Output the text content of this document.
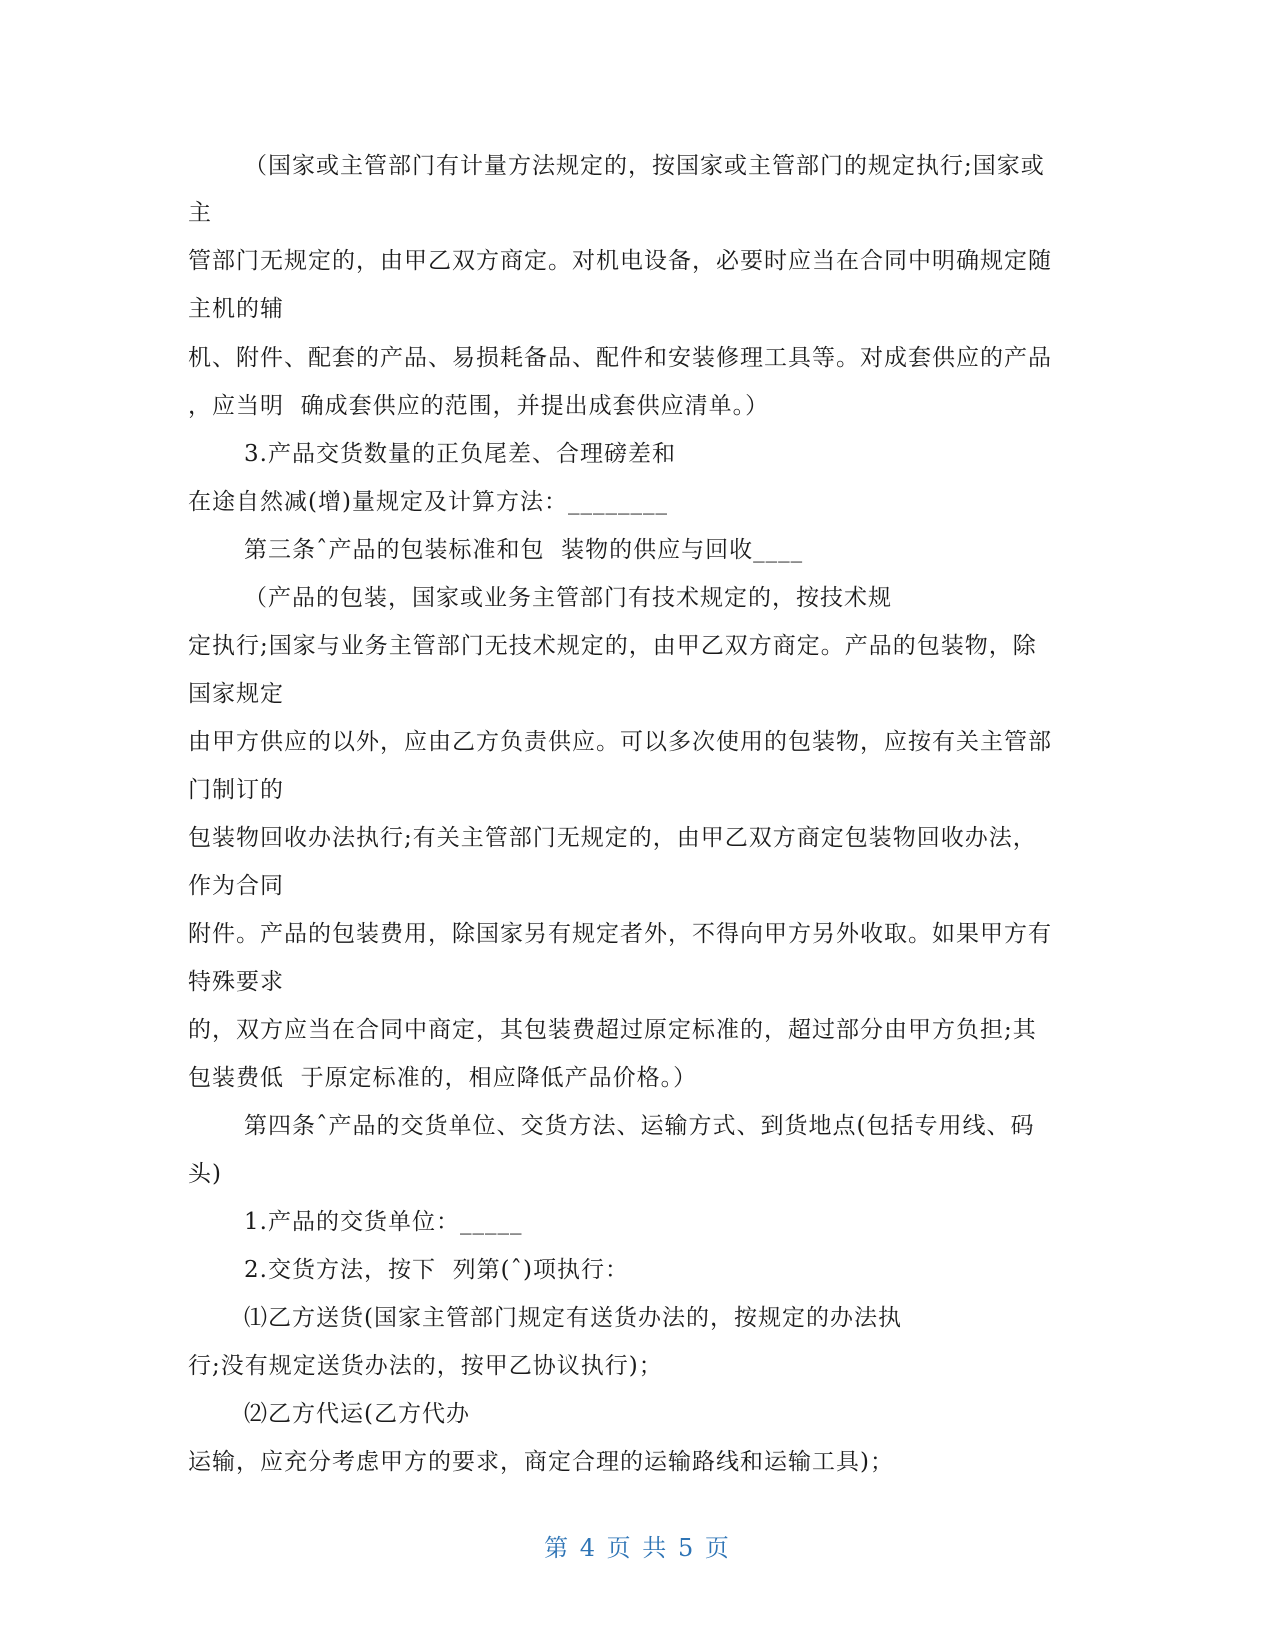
（国家或主管部门有计量方法规定的，按国家或主管部门的规定执行;国家或
主
管部门无规定的，由甲乙双方商定。对机电设备，必要时应当在合同中明确规定随
主机的辅
机、附件、配套的产品、易损耗备品、配件和安装修理工具等。对成套供应的产品
，应当明  确成套供应的范围，并提出成套供应清单。）
3.产品交货数量的正负尾差、合理磅差和
在途自然减(增)量规定及计算方法：________
第三条ˆ产品的包装标准和包  装物的供应与回收____
（产品的包装，国家或业务主管部门有技术规定的，按技术规
定执行;国家与业务主管部门无技术规定的，由甲乙双方商定。产品的包装物，除
国家规定
由甲方供应的以外，应由乙方负责供应。可以多次使用的包装物，应按有关主管部
门制订的
包装物回收办法执行;有关主管部门无规定的，由甲乙双方商定包装物回收办法，
作为合同
附件。产品的包装费用，除国家另有规定者外，不得向甲方另外收取。如果甲方有
特殊要求
的，双方应当在合同中商定，其包装费超过原定标准的，超过部分由甲方负担;其
包装费低  于原定标准的，相应降低产品价格。）
第四条ˆ产品的交货单位、交货方法、运输方式、到货地点(包括专用线、码
头)
1.产品的交货单位：_____
2.交货方法，按下  列第(ˆ)项执行：
⑴乙方送货(国家主管部门规定有送货办法的，按规定的办法执
行;没有规定送货办法的，按甲乙协议执行)；
⑵乙方代运(乙方代办
运输，应充分考虑甲方的要求，商定合理的运输路线和运输工具)；
第 4 页 共 5 页
